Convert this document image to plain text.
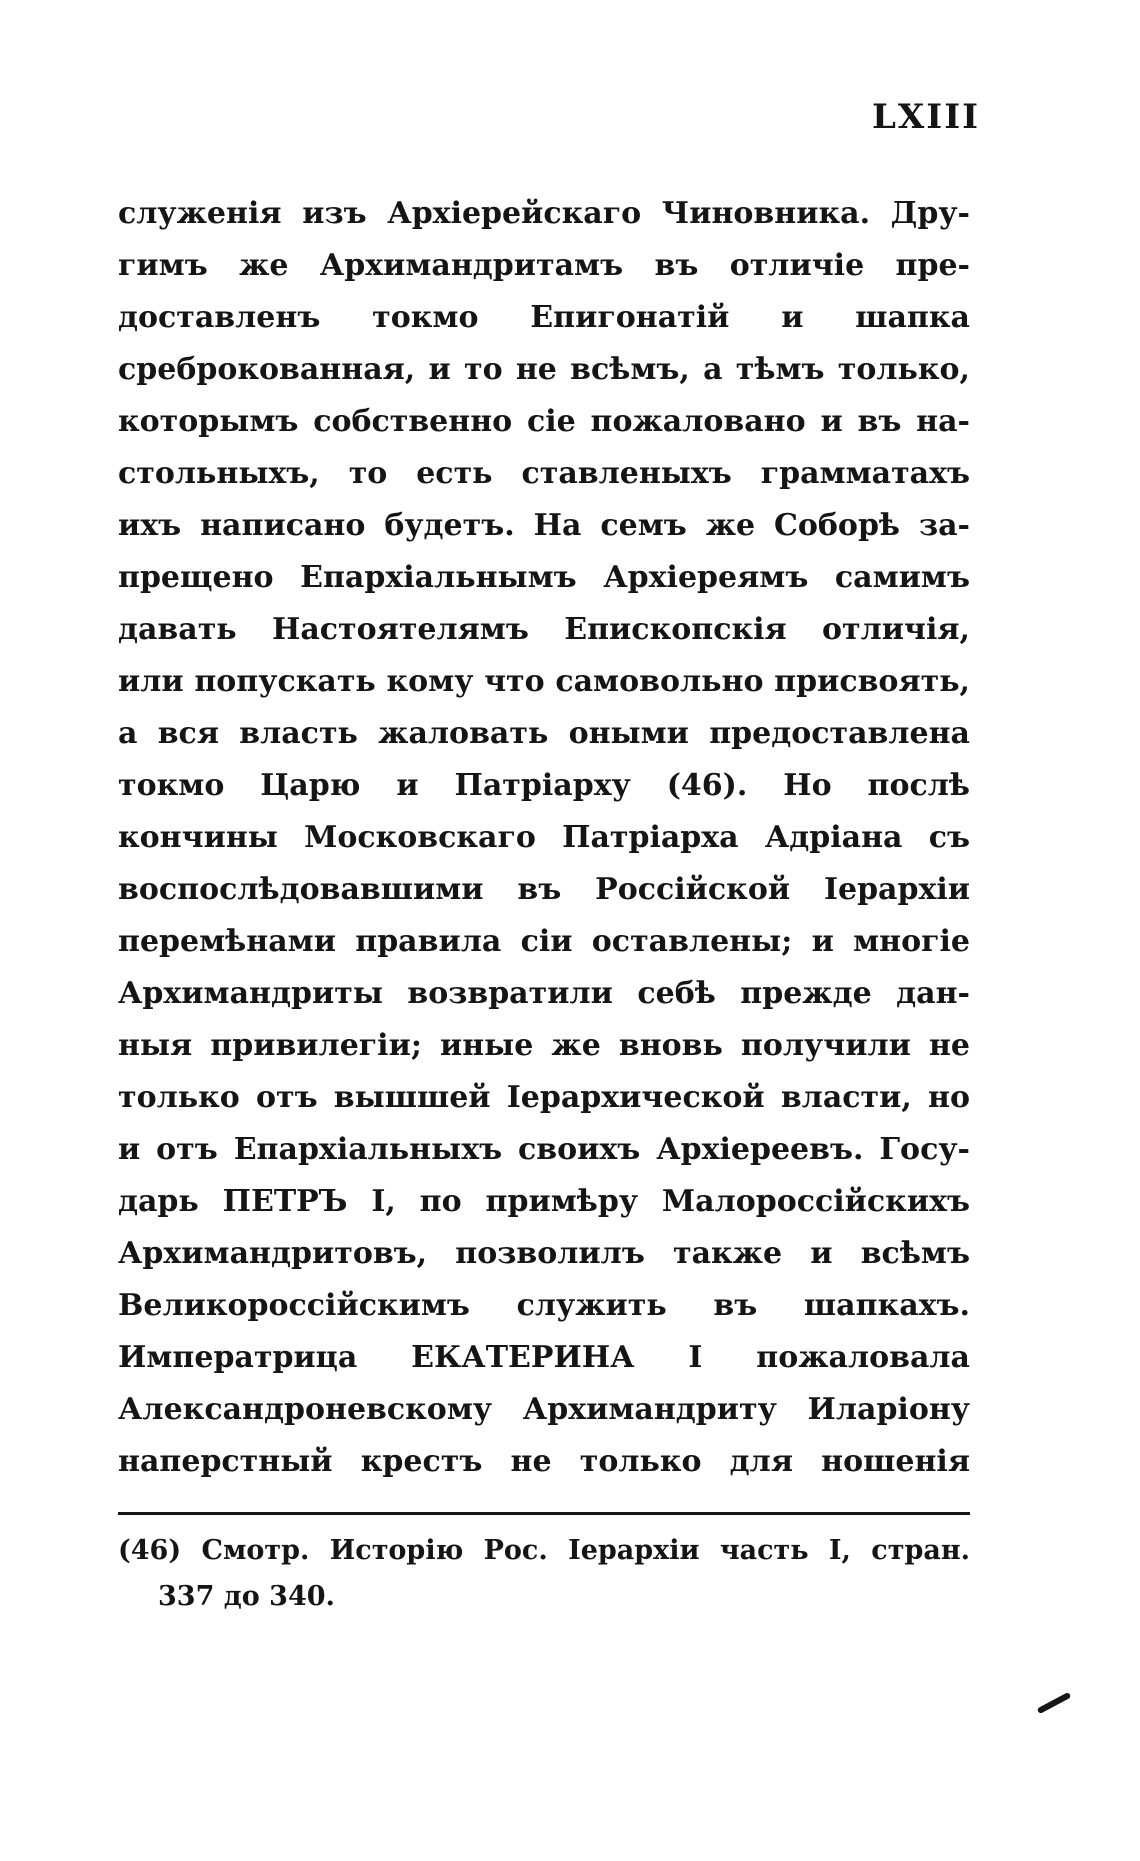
LXIII
служенія изъ Архіерейскаго Чиновника. Дру-
гимъ же Архимандритамъ въ отличіе пре-
доставленъ токмо Епигонатій и шапка
среброкованная, и то не всѣмъ, а тѣмъ только,
которымъ собственно сіе пожаловано и въ на-
стольныхъ, то есть ставленыхъ грамматахъ
ихъ написано будетъ. На семъ же Соборѣ за-
прещено Епархіальнымъ Архіереямъ самимъ
давать Настоятелямъ Епископскія отличія,
или попускать кому что самовольно присвоять,
а вся власть жаловать оными предоставлена
токмо Царю и Патріарху (46). Но послѣ
кончины Московскаго Патріарха Адріана съ
воспослѣдовавшими въ Россійской Іерархіи
перемѣнами правила сіи оставлены; и многіе
Архимандриты возвратили себѣ прежде дан-
ныя привилегіи; иные же вновь получили не
только отъ вышшей Іерархической власти, но
и отъ Епархіальныхъ своихъ Архіереевъ. Госу-
дарь ПЕТРЪ I, по примѣру Малороссійскихъ
Архимандритовъ, позволилъ также и всѣмъ
Великороссійскимъ служить въ шапкахъ.
Императрица ЕКАТЕРИНА I пожаловала
Александроневскому Архимандриту Иларіону
наперстный крестъ не только для ношенія
(46) Смотр. Исторію Рос. Іерархіи часть I, стран.
337 до 340.
